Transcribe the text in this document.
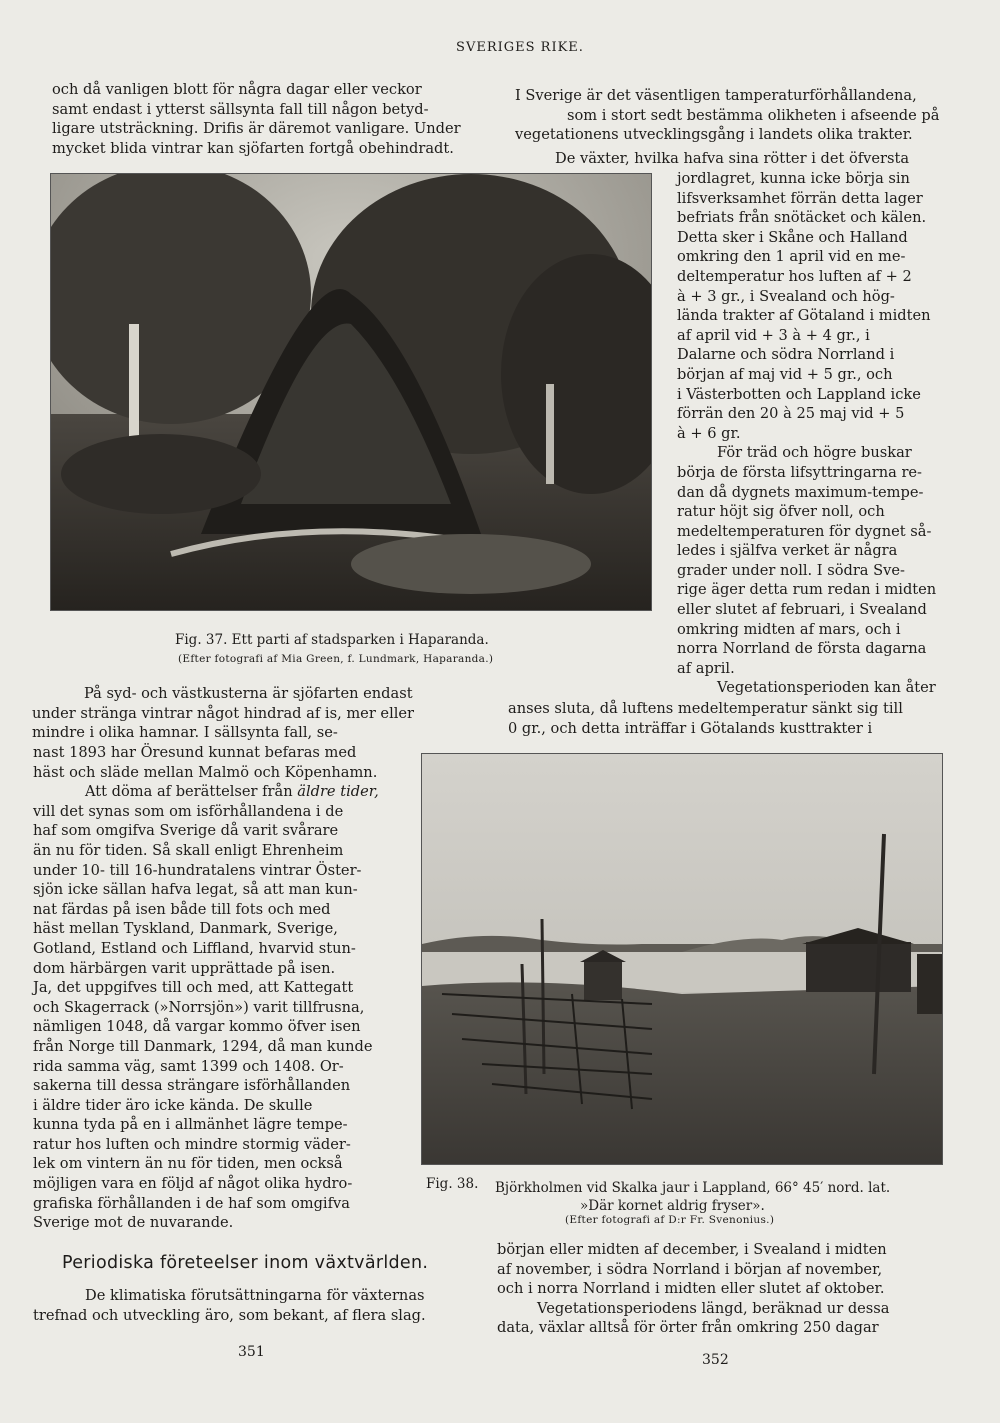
SVERIGES RIKE.

och då vanligen blott för några dagar eller veckor

samt endast i ytterst sällsynta fall till någon betyd-

ligare utsträckning. Drifis är däremot vanligare. Under

mycket blida vintrar kan sjöfarten fortgå obehindradt.

Fig. 37. Ett parti af stadsparken i Haparanda.
(Efter fotografi af Mia Green, f. Lundmark, Haparanda.)

På syd- och västkusterna är sjöfarten endast

under stränga vintrar något hindrad af is, mer eller

mindre i olika hamnar. I sällsynta fall, se-

nast 1893 har Öresund kunnat befaras med

häst och släde mellan Malmö och Köpenhamn.

Att döma af berättelser från äldre tider,

vill det synas som om isförhållandena i de

haf som omgifva Sverige då varit svårare

än nu för tiden. Så skall enligt Ehrenheim

under 10- till 16-hundratalens vintrar Öster-

sjön icke sällan hafva legat, så att man kun-

nat färdas på isen både till fots och med

häst mellan Tyskland, Danmark, Sverige,

Gotland, Estland och Liffland, hvarvid stun-

dom härbärgen varit upprättade på isen.

Ja, det uppgifves till och med, att Kattegatt

och Skagerrack (»Norrsjön») varit tillfrusna,

nämligen 1048, då vargar kommo öfver isen

från Norge till Danmark, 1294, då man kunde

rida samma väg, samt 1399 och 1408. Or-

sakerna till dessa strängare isförhållanden

i äldre tider äro icke kända. De skulle

kunna tyda på en i allmänhet lägre tempe-

ratur hos luften och mindre stormig väder-

lek om vintern än nu för tiden, men också

möjligen vara en följd af något olika hydro-

grafiska förhållanden i de haf som omgifva

Sverige mot de nuvarande.

Periodiska företeelser inom växtvärlden.

De klimatiska förutsättningarna för växternas

trefnad och utveckling äro, som bekant, af flera slag.

351

I Sverige är det väsentligen tamperaturförhållandena,

som i stort sedt bestämma olikheten i afseende på

vegetationens utvecklingsgång i landets olika trakter.

De växter, hvilka hafva sina rötter i det öfversta

jordlagret, kunna icke börja sin

lifsverksamhet förrän detta lager

befriats från snötäcket och kälen.

Detta sker i Skåne och Halland

omkring den 1 april vid en me-

deltemperatur hos luften af + 2

à + 3 gr., i Svealand och hög-

lända trakter af Götaland i midten

af april vid + 3 à + 4 gr., i

Dalarne och södra Norrland i

början af maj vid + 5 gr., och

i Västerbotten och Lappland icke

förrän den 20 à 25 maj vid + 5

à + 6 gr.

För träd och högre buskar

börja de första lifsyttringarna re-

dan då dygnets maximum-tempe-

ratur höjt sig öfver noll, och

medeltemperaturen för dygnet så-

ledes i själfva verket är några

grader under noll. I södra Sve-

rige äger detta rum redan i midten

eller slutet af februari, i Svealand

omkring midten af mars, och i

norra Norrland de första dagarna

af april.

Vegetationsperioden kan åter

anses sluta, då luftens medeltemperatur sänkt sig till

0 gr., och detta inträffar i Götalands kusttrakter i

Fig. 38. Björkholmen vid Skalka jaur i Lappland, 66° 45′ nord. lat.
»Där kornet aldrig fryser».
(Efter fotografi af D:r Fr. Svenonius.)

början eller midten af december, i Svealand i midten

af november, i södra Norrland i början af november,

och i norra Norrland i midten eller slutet af oktober.

Vegetationsperiodens längd, beräknad ur dessa

data, växlar alltså för örter från omkring 250 dagar

352
